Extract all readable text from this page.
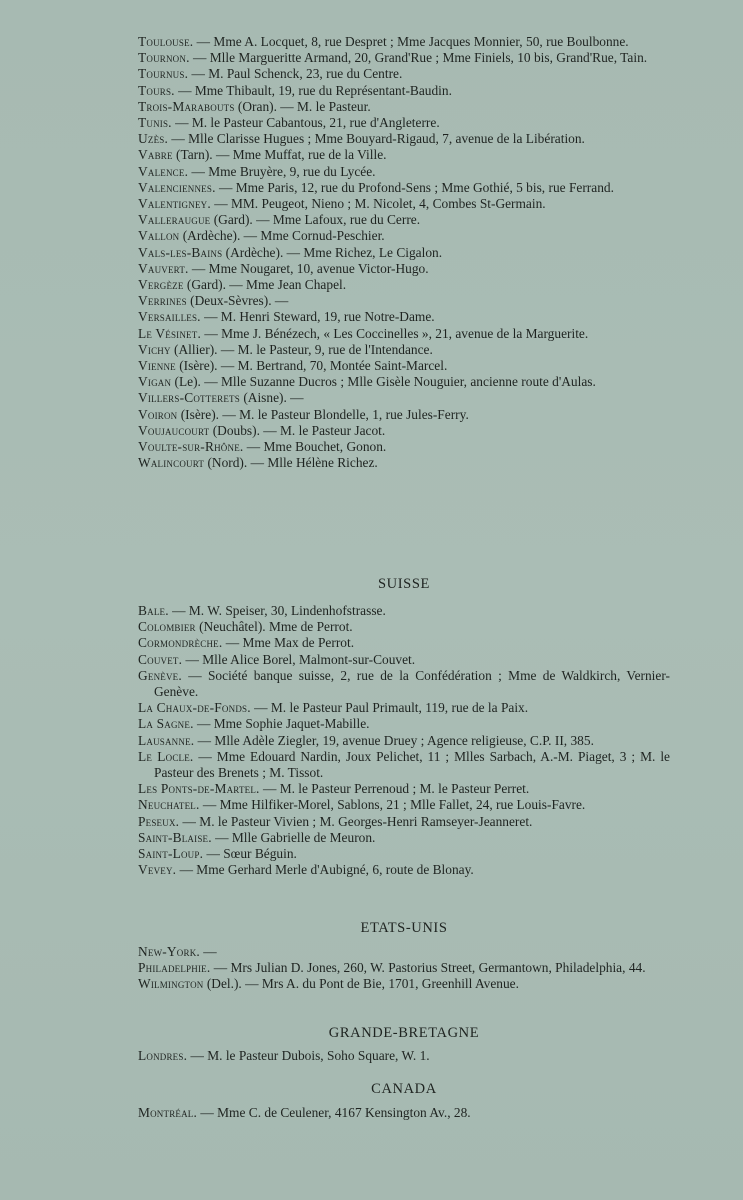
Toulouse. — Mme A. Locquet, 8, rue Despret ; Mme Jacques Monnier, 50, rue Boulbonne.
Tournon. — Mlle Margueritte Armand, 20, Grand'Rue ; Mme Finiels, 10 bis, Grand'Rue, Tain.
Tournus. — M. Paul Schenck, 23, rue du Centre.
Tours. — Mme Thibault, 19, rue du Représentant-Baudin.
Trois-Marabouts (Oran). — M. le Pasteur.
Tunis. — M. le Pasteur Cabantous, 21, rue d'Angleterre.
Uzès. — Mlle Clarisse Hugues ; Mme Bouyard-Rigaud, 7, avenue de la Libération.
Vabre (Tarn). — Mme Muffat, rue de la Ville.
Valence. — Mme Bruyère, 9, rue du Lycée.
Valenciennes. — Mme Paris, 12, rue du Profond-Sens ; Mme Gothié, 5 bis, rue Ferrand.
Valentigney. — MM. Peugeot, Nieno ; M. Nicolet, 4, Combes St-Germain.
Valleraugue (Gard). — Mme Lafoux, rue du Cerre.
Vallon (Ardèche). — Mme Cornud-Peschier.
Vals-les-Bains (Ardèche). — Mme Richez, Le Cigalon.
Vauvert. — Mme Nougaret, 10, avenue Victor-Hugo.
Vergèze (Gard). — Mme Jean Chapel.
Verrines (Deux-Sèvres). —
Versailles. — M. Henri Steward, 19, rue Notre-Dame.
Le Vésinet. — Mme J. Bénézech, « Les Coccinelles », 21, avenue de la Marguerite.
Vichy (Allier). — M. le Pasteur, 9, rue de l'Intendance.
Vienne (Isère). — M. Bertrand, 70, Montée Saint-Marcel.
Vigan (Le). — Mlle Suzanne Ducros ; Mlle Gisèle Nouguier, ancienne route d'Aulas.
Villers-Cotterets (Aisne). —
Voiron (Isère). — M. le Pasteur Blondelle, 1, rue Jules-Ferry.
Voujaucourt (Doubs). — M. le Pasteur Jacot.
Voulte-sur-Rhône. — Mme Bouchet, Gonon.
Walincourt (Nord). — Mlle Hélène Richez.
SUISSE
Bale. — M. W. Speiser, 30, Lindenhofstrasse.
Colombier (Neuchâtel). Mme de Perrot.
Cormondrèche. — Mme Max de Perrot.
Couvet. — Mlle Alice Borel, Malmont-sur-Couvet.
Genève. — Société banque suisse, 2, rue de la Confédération ; Mme de Waldkirch, Vernier-Genève.
La Chaux-de-Fonds. — M. le Pasteur Paul Primault, 119, rue de la Paix.
La Sagne. — Mme Sophie Jaquet-Mabille.
Lausanne. — Mlle Adèle Ziegler, 19, avenue Druey ; Agence religieuse, C.P. II, 385.
Le Locle. — Mme Edouard Nardin, Joux Pelichet, 11 ; Mlles Sarbach, A.-M. Piaget, 3 ; M. le Pasteur des Brenets ; M. Tissot.
Les Ponts-de-Martel. — M. le Pasteur Perrenoud ; M. le Pasteur Perret.
Neuchatel. — Mme Hilfiker-Morel, Sablons, 21 ; Mlle Fallet, 24, rue Louis-Favre.
Peseux. — M. le Pasteur Vivien ; M. Georges-Henri Ramseyer-Jeanneret.
Saint-Blaise. — Mlle Gabrielle de Meuron.
Saint-Loup. — Sœur Béguin.
Vevey. — Mme Gerhard Merle d'Aubigné, 6, route de Blonay.
ETATS-UNIS
New-York. —
Philadelphie. — Mrs Julian D. Jones, 260, W. Pastorius Street, Germantown, Philadelphia, 44.
Wilmington (Del.). — Mrs A. du Pont de Bie, 1701, Greenhill Avenue.
GRANDE-BRETAGNE
Londres. — M. le Pasteur Dubois, Soho Square, W. 1.
CANADA
Montréal. — Mme C. de Ceulener, 4167 Kensington Av., 28.
